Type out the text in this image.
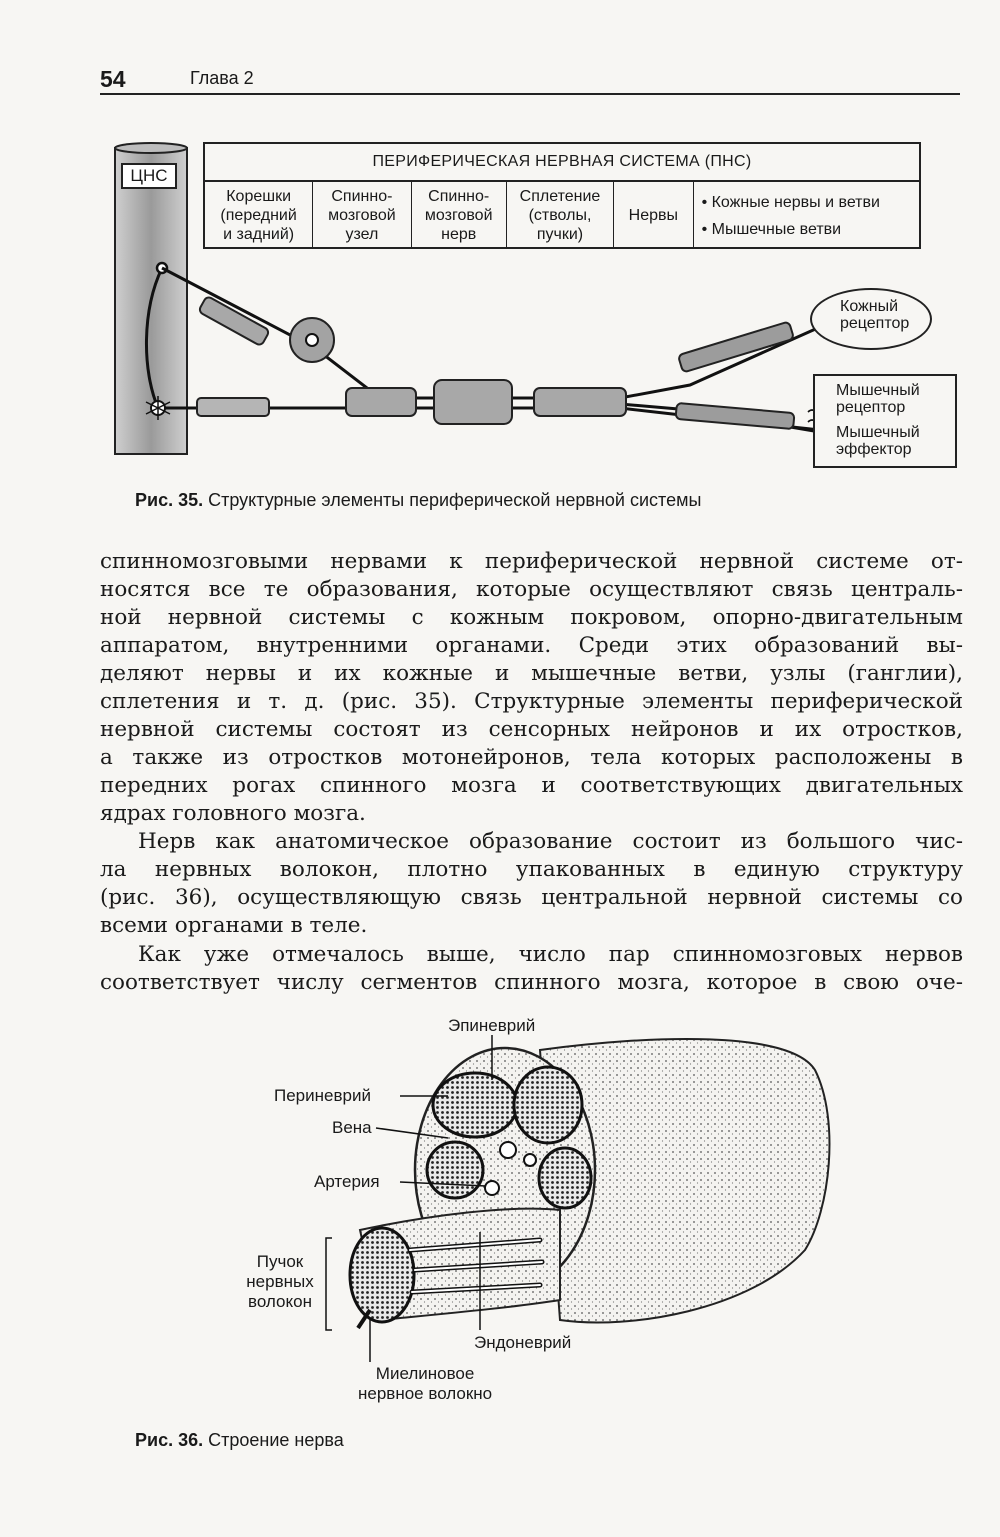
54	Глава 2
ЦНС
ПЕРИФЕРИЧЕСКАЯ НЕРВНАЯ СИСТЕМА (ПНС)
Корешки
(передний
и задний)
Спинно-
мозговой
узел
Спинно-
мозговой
нерв
Сплетение
(стволы,
пучки)
Нервы
• Кожные нервы и ветви
• Мышечные ветви
Кожный
рецептор
Мышечный
рецептор
Мышечный
эффектор
Рис. 35. Структурные элементы периферической нервной системы
спинномозговыми нервами к периферической нервной системе от-
носятся все те образования, которые осуществляют связь централь-
ной нервной системы с кожным покровом, опорно-двигательным
аппаратом, внутренними органами. Среди этих образований вы-
деляют нервы и их кожные и мышечные ветви, узлы (ганглии),
сплетения и т. д. (рис. 35). Структурные элементы периферической
нервной системы состоят из сенсорных нейронов и их отростков,
а также из отростков мотонейронов, тела которых расположены в
передних рогах спинного мозга и соответствующих двигательных
ядрах головного мозга.
Нерв как анатомическое образование состоит из большого чис-
ла нервных волокон, плотно упакованных в единую структуру
(рис. 36), осуществляющую связь центральной нервной системы со
всеми органами в теле.
Как уже отмечалось выше, число пар спинномозговых нервов
соответствует числу сегментов спинного мозга, которое в свою оче-
Эпиневрий
Периневрий
Вена
Артерия
Пучок
нервных
волокон
Эндоневрий
Миелиновое
нервное волокно
Рис. 36. Строение нерва
